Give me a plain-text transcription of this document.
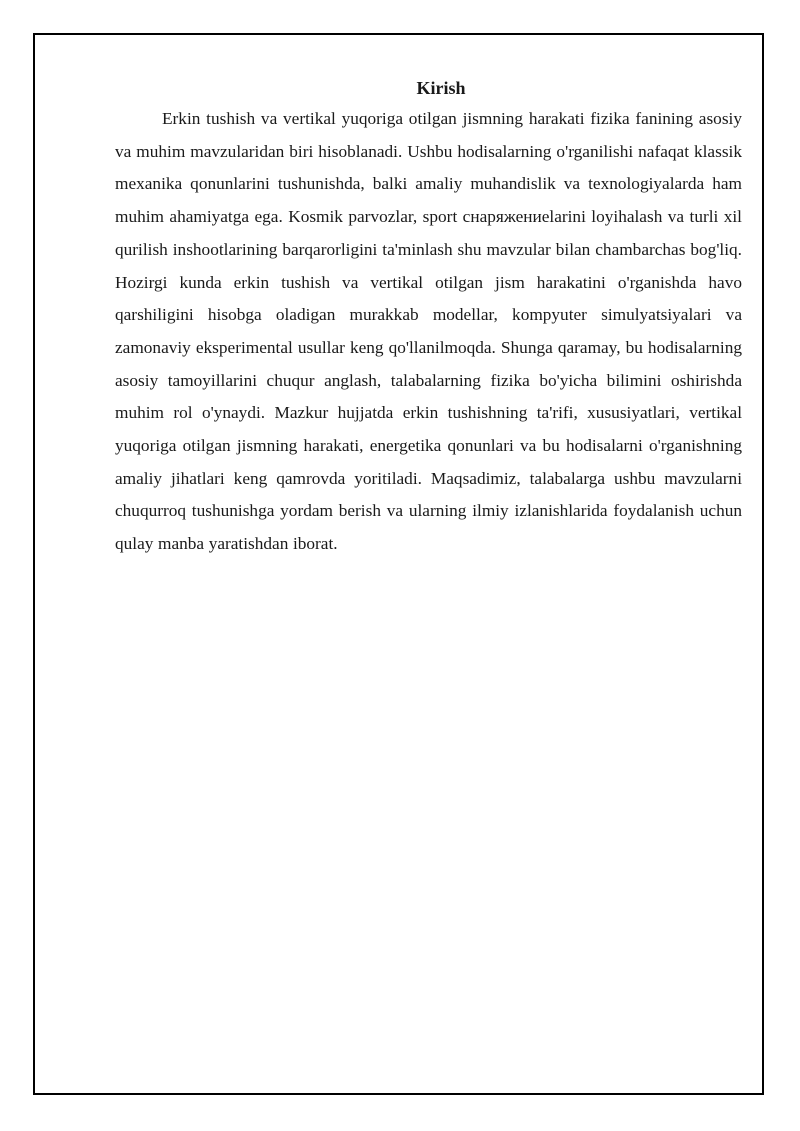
Kirish

Erkin tushish va vertikal yuqoriga otilgan jismning harakati fizika fanining asosiy va muhim mavzularidan biri hisoblanadi. Ushbu hodisalarning o'rganilishi nafaqat klassik mexanika qonunlarini tushunishda, balki amaliy muhandislik va texnologiyalarda ham muhim ahamiyatga ega. Kosmik parvozlar, sport снаряжениelarini loyihalash va turli xil qurilish inshootlarining barqarorligini ta'minlash shu mavzular bilan chambarchas bog'liq. Hozirgi kunda erkin tushish va vertikal otilgan jism harakatini o'rganishda havo qarshiligini hisobga oladigan murakkab modellar, kompyuter simulyatsiyalari va zamonaviy eksperimental usullar keng qo'llanilmoqda. Shunga qaramay, bu hodisalarning asosiy tamoyillarini chuqur anglash, talabalarning fizika bo'yicha bilimini oshirishda muhim rol o'ynaydi. Mazkur hujjatda erkin tushishning ta'rifi, xususiyatlari, vertikal yuqoriga otilgan jismning harakati, energetika qonunlari va bu hodisalarni o'rganishning amaliy jihatlari keng qamrovda yoritiladi. Maqsadimiz, talabalarga ushbu mavzularni chuqurroq tushunishga yordam berish va ularning ilmiy izlanishlarida foydalanish uchun qulay manba yaratishdan iborat.
